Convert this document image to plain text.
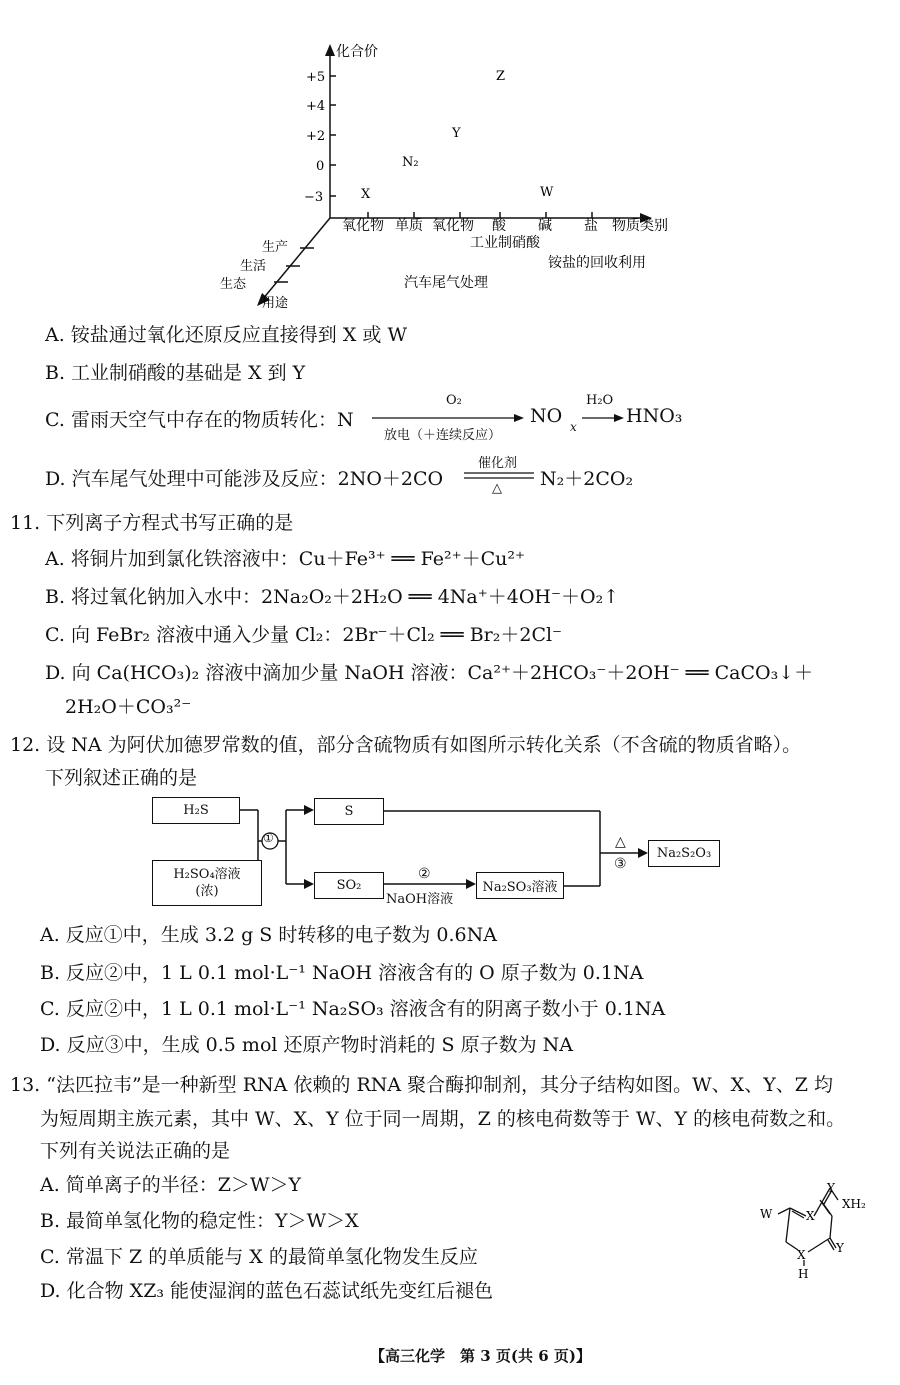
化合价
+5
+4
+2
0
−3
氧化物 单质 氧化物 酸 碱 盐 物质类别
生产
生活
生态
用途
Z
Y
N₂
X	W
工业制硝酸
铵盐的回收利用
汽车尾气处理
A. 铵盐通过氧化还原反应直接得到 X 或 W
B. 工业制硝酸的基础是 X 到 Y
C. 雷雨天空气中存在的物质转化：N
O₂
放电（＋连续反应）
NO x
H₂O
HNO₃
D. 汽车尾气处理中可能涉及反应：2NO＋2CO
催化剂
△ N₂＋2CO₂
11. 下列离子方程式书写正确的是
A. 将铜片加到氯化铁溶液中：Cu＋Fe³⁺ ══ Fe²⁺＋Cu²⁺
B. 将过氧化钠加入水中：2Na₂O₂＋2H₂O ══ 4Na⁺＋4OH⁻＋O₂↑
C. 向 FeBr₂ 溶液中通入少量 Cl₂：2Br⁻＋Cl₂ ══ Br₂＋2Cl⁻
D. 向 Ca(HCO₃)₂ 溶液中滴加少量 NaOH 溶液：Ca²⁺＋2HCO₃⁻＋2OH⁻ ══ CaCO₃↓＋
2H₂O＋CO₃²⁻
12. 设 NA 为阿伏加德罗常数的值，部分含硫物质有如图所示转化关系（不含硫的物质省略）。
下列叙述正确的是
H₂S
H₂SO₄溶液
(浓)
S
SO₂	Na₂SO₃溶液
Na₂S₂O₃
①
②
NaOH溶液
△
③
A. 反应①中，生成 3.2 g S 时转移的电子数为 0.6NA
B. 反应②中，1 L 0.1 mol·L⁻¹ NaOH 溶液含有的 O 原子数为 0.1NA
C. 反应②中，1 L 0.1 mol·L⁻¹ Na₂SO₃ 溶液含有的阴离子数小于 0.1NA
D. 反应③中，生成 0.5 mol 还原产物时消耗的 S 原子数为 NA
13. “法匹拉韦”是一种新型 RNA 依赖的 RNA 聚合酶抑制剂，其分子结构如图。W、X、Y、Z 均
为短周期主族元素，其中 W、X、Y 位于同一周期，Z 的核电荷数等于 W、Y 的核电荷数之和。
下列有关说法正确的是
A. 简单离子的半径：Z＞W＞Y
B. 最简单氢化物的稳定性：Y＞W＞X
C. 常温下 Z 的单质能与 X 的最简单氢化物发生反应
D. 化合物 XZ₃ 能使湿润的蓝色石蕊试纸先变红后褪色
W	X
Y
XH₂
Y
X
H
【高三化学　第 3 页(共 6 页)】
